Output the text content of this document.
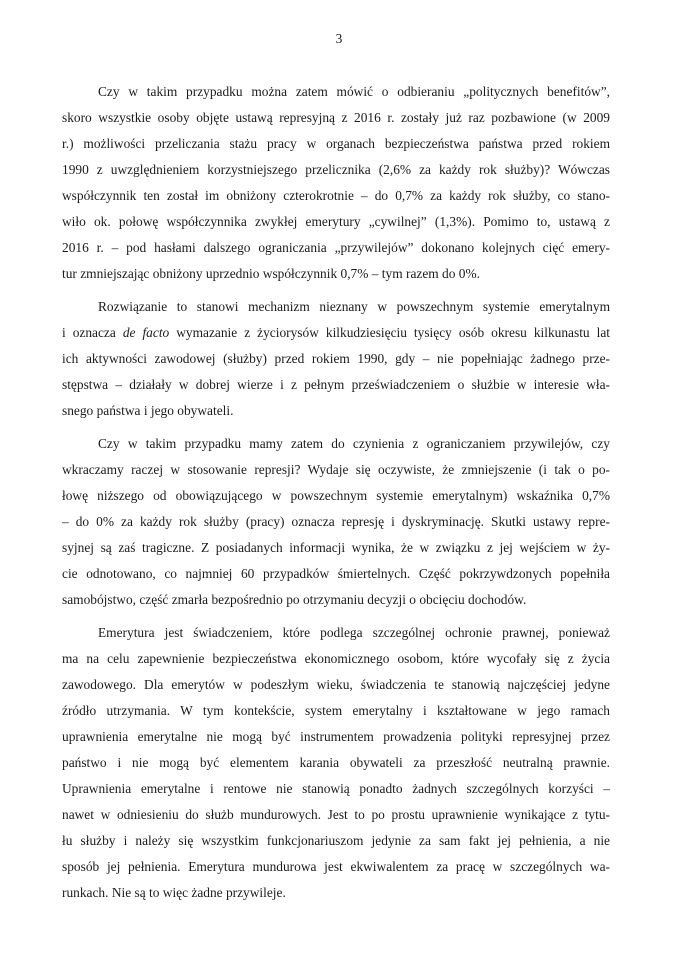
3
Czy w takim przypadku można zatem mówić o odbieraniu „politycznych benefitów”,
skoro wszystkie osoby objęte ustawą represyjną z 2016 r. zostały już raz pozbawione (w 2009
r.) możliwości przeliczania stażu pracy w organach bezpieczeństwa państwa przed rokiem
1990 z uwzględnieniem korzystniejszego przelicznika (2,6% za każdy rok służby)? Wówczas
współczynnik ten został im obniżony czterokrotnie – do 0,7% za każdy rok służby, co stano-
wiło ok. połowę współczynnika zwykłej emerytury „cywilnej” (1,3%). Pomimo to, ustawą z
2016 r. – pod hasłami dalszego ograniczania „przywilejów” dokonano kolejnych cięć emery-
tur zmniejszając obniżony uprzednio współczynnik 0,7% – tym razem do 0%.
Rozwiązanie to stanowi mechanizm nieznany w powszechnym systemie emerytalnym
i oznacza de facto wymazanie z życiorysów kilkudziesięciu tysięcy osób okresu kilkunastu lat
ich aktywności zawodowej (służby) przed rokiem 1990, gdy – nie popełniając żadnego prze-
stępstwa – działały w dobrej wierze i z pełnym przeświadczeniem o służbie w interesie wła-
snego państwa i jego obywateli.
Czy w takim przypadku mamy zatem do czynienia z ograniczaniem przywilejów, czy
wkraczamy raczej w stosowanie represji? Wydaje się oczywiste, że zmniejszenie (i tak o po-
łowę niższego od obowiązującego w powszechnym systemie emerytalnym) wskaźnika 0,7%
– do 0% za każdy rok służby (pracy) oznacza represję i dyskryminację. Skutki ustawy repre-
syjnej są zaś tragiczne. Z posiadanych informacji wynika, że w związku z jej wejściem w ży-
cie odnotowano, co najmniej 60 przypadków śmiertelnych. Część pokrzywdzonych popełniła
samobójstwo, część zmarła bezpośrednio po otrzymaniu decyzji o obcięciu dochodów.
Emerytura jest świadczeniem, które podlega szczególnej ochronie prawnej, ponieważ
ma na celu zapewnienie bezpieczeństwa ekonomicznego osobom, które wycofały się z życia
zawodowego. Dla emerytów w podeszłym wieku, świadczenia te stanowią najczęściej jedyne
źródło utrzymania. W tym kontekście, system emerytalny i kształtowane w jego ramach
uprawnienia emerytalne nie mogą być instrumentem prowadzenia polityki represyjnej przez
państwo i nie mogą być elementem karania obywateli za przeszłość neutralną prawnie.
Uprawnienia emerytalne i rentowe nie stanowią ponadto żadnych szczególnych korzyści –
nawet w odniesieniu do służb mundurowych. Jest to po prostu uprawnienie wynikające z tytu-
łu służby i należy się wszystkim funkcjonariuszom jedynie za sam fakt jej pełnienia, a nie
sposób jej pełnienia. Emerytura mundurowa jest ekwiwalentem za pracę w szczególnych wa-
runkach. Nie są to więc żadne przywileje.
